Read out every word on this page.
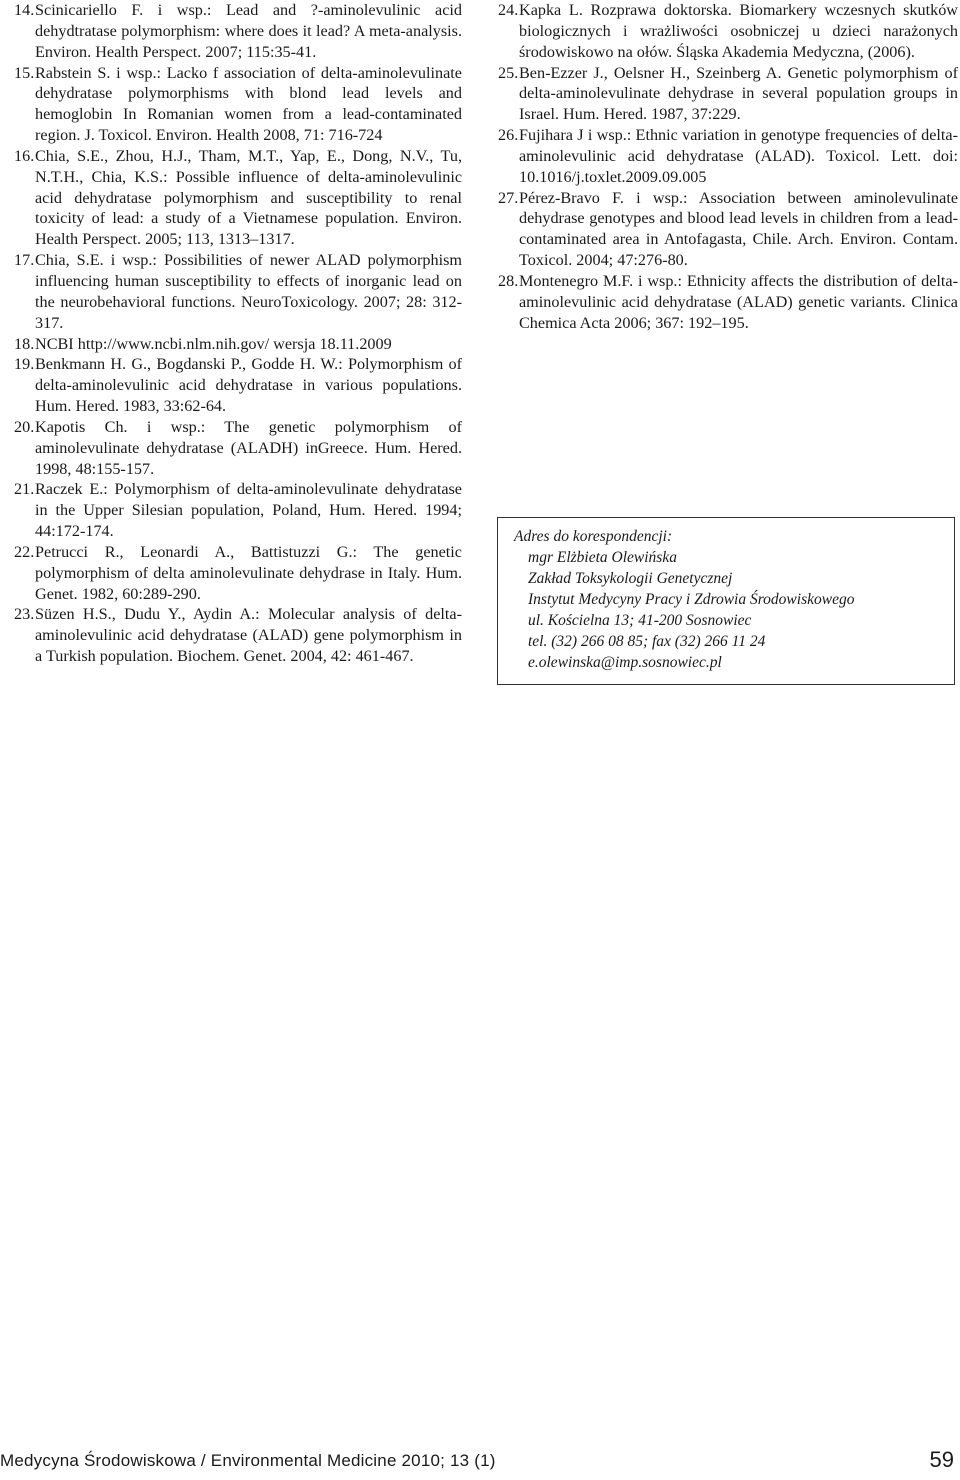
14. Scinicariello F. i wsp.: Lead and ?-aminolevulinic acid dehydtratase polymorphism: where does it lead? A meta-analysis. Environ. Health Perspect. 2007; 115:35-41.

15. Rabstein S. i wsp.: Lacko f association of delta-aminolevulinate dehydratase polymorphisms with blond lead levels and hemoglobin In Romanian women from a lead-contaminated region. J. Toxicol. Environ. Health 2008, 71: 716-724

16. Chia, S.E., Zhou, H.J., Tham, M.T., Yap, E., Dong, N.V., Tu, N.T.H., Chia, K.S.: Possible influence of delta-aminolevulinic acid dehydratase polymorphism and susceptibility to renal toxicity of lead: a study of a Vietnamese population. Environ. Health Perspect. 2005; 113, 1313–1317.

17. Chia, S.E. i wsp.: Possibilities of newer ALAD polymorphism influencing human susceptibility to effects of inorganic lead on the neurobehavioral functions. NeuroToxicology. 2007; 28: 312-317.

18. NCBI http://www.ncbi.nlm.nih.gov/ wersja 18.11.2009

19. Benkmann H. G., Bogdanski P., Godde H. W.: Polymorphism of delta-aminolevulinic acid dehydratase in various populations. Hum. Hered. 1983, 33:62-64.

20. Kapotis Ch. i wsp.: The genetic polymorphism of aminolevulinate dehydratase (ALADH) inGreece. Hum. Hered. 1998, 48:155-157.

21. Raczek E.: Polymorphism of delta-aminolevulinate dehydratase in the Upper Silesian population, Poland, Hum. Hered. 1994; 44:172-174.

22. Petrucci R., Leonardi A., Battistuzzi G.: The genetic polymorphism of delta aminolevulinate dehydrase in Italy. Hum. Genet. 1982, 60:289-290.

23. Süzen H.S., Dudu Y., Aydin A.: Molecular analysis of delta-aminolevulinic acid dehydratase (ALAD) gene polymorphism in a Turkish population. Biochem. Genet. 2004, 42: 461-467.

24. Kapka L. Rozprawa doktorska. Biomarkery wczesnych skutków biologicznych i wrażliwości osobniczej u dzieci narażonych środowiskowo na ołów. Śląska Akademia Medyczna, (2006).

25. Ben-Ezzer J., Oelsner H., Szeinberg A. Genetic polymorphism of delta-aminolevulinate dehydrase in several population groups in Israel. Hum. Hered. 1987, 37:229.

26. Fujihara J i wsp.: Ethnic variation in genotype frequencies of delta-aminolevulinic acid dehydratase (ALAD). Toxicol. Lett. doi: 10.1016/j.toxlet.2009.09.005

27. Pérez-Bravo F. i wsp.: Association between aminolevulinate dehydrase genotypes and blood lead levels in children from a lead-contaminated area in Antofagasta, Chile. Arch. Environ. Contam. Toxicol. 2004; 47:276-80.

28. Montenegro M.F. i wsp.: Ethnicity affects the distribution of delta-aminolevulinic acid dehydratase (ALAD) genetic variants. Clinica Chemica Acta 2006; 367: 192–195.

Adres do korespondencji:
mgr Elżbieta Olewińska
Zakład Toksykologii Genetycznej
Instytut Medycyny Pracy i Zdrowia Środowiskowego
ul. Kościelna 13; 41-200 Sosnowiec
tel. (32) 266 08 85; fax (32) 266 11 24
e.olewinska@imp.sosnowiec.pl
Medycyna Środowiskowa / Environmental Medicine 2010; 13 (1)	59
